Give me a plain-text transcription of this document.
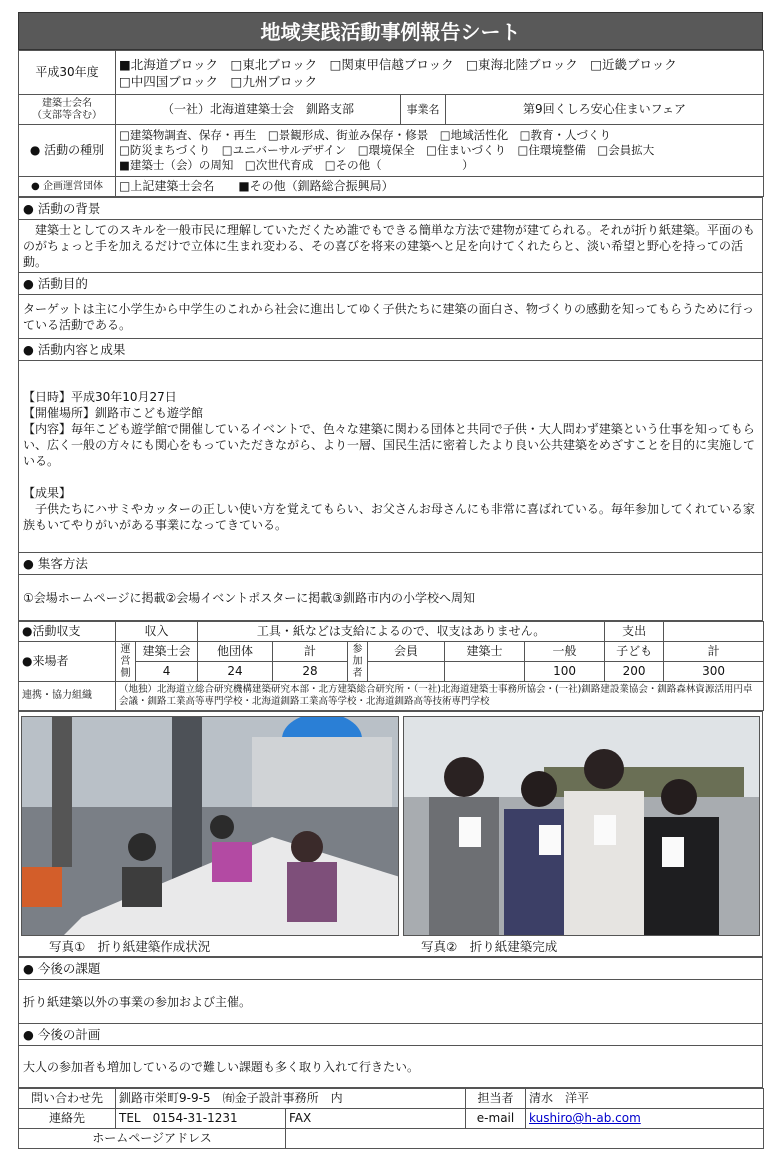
地域実践活動事例報告シート
平成30年度	■北海道ブロック　□東北ブロック　□関東甲信越ブロック　□東海北陸ブロック　□近畿ブロック
□中四国ブロック　□九州ブロック		

建築士会名
（支部等含む）	（一社）北海道建築士会　釧路支部	事業名	第9回くしろ安心住まいフェア
● 活動の種別	□建築物調査、保存・再生　□景観形成、街並み保存・修景　□地域活性化　□教育・人づくり
□防災まちづくり　□ユニバーサルデザイン　□環境保全　□住まいづくり　□住環境整備　□会員拡大
■建築士（会）の周知　□次世代育成　□その他（　　　　　　　）		
● 企画運営団体	□上記建築士会名　　■その他（釧路総合振興局）		
● 活動の背景
　建築士としてのスキルを一般市民に理解していただくため誰でもできる簡単な方法で建物が建てられる。それが折り紙建築。平面のものがちょっと手を加えるだけで立体に生まれ変わる、その喜びを将来の建築へと足を向けてくれたらと、淡い希望と野心を持っての活動。
● 活動目的
ターゲットは主に小学生から中学生のこれから社会に進出してゆく子供たちに建築の面白さ、物づくりの感動を知ってもらうために行っている活動である。
● 活動内容と成果
【日時】平成30年10月27日
【開催場所】釧路市こども遊学館
【内容】毎年こども遊学館で開催しているイベントで、色々な建築に関わる団体と共同で子供・大人問わず建築という仕事を知ってもらい、広く一般の方々にも関心をもっていただきながら、より一層、国民生活に密着したより良い公共建築をめざすことを目的に実施している。

【成果】
　子供たちにハサミやカッターの正しい使い方を覚えてもらい、お父さんお母さんにも非常に喜ばれている。毎年参加してくれている家族もいてやりがいがある事業になってきている。
● 集客方法
①会場ホームページに掲載②会場イベントポスターに掲載③釧路市内の小学校へ周知
●活動収支	収入		工具・紙などは支給によるので、収支はありません。						支出	
●来場者	運営側	建築士会	他団体	計	参加者	会員	建築士	一般	子ども	計
		4	24	28				100	200	300
連携・協力組織	（地独）北海道立総合研究機構建築研究本部・北方建築総合研究所・（一社)北海道建築士事務所協会・(一社)釧路建設業協会・釧路森林資源活用円卓会議・釧路工業高等専門学校・北海道釧路工業高等学校・北海道釧路高等技術専門学校									
写真①　折り紙建築作成状況	写真②　折り紙建築完成
● 今後の課題
折り紙建築以外の事業の参加および主催。
● 今後の計画
大人の参加者も増加しているので難しい課題も多く取り入れて行きたい。
問い合わせ先	釧路市栄町9-9-5　㈲金子設計事務所　内		担当者	清水　洋平
連絡先	TEL　0154-31-1231	FAX	e-mail	kushiro@h-ab.com
ホームページアドレス				
